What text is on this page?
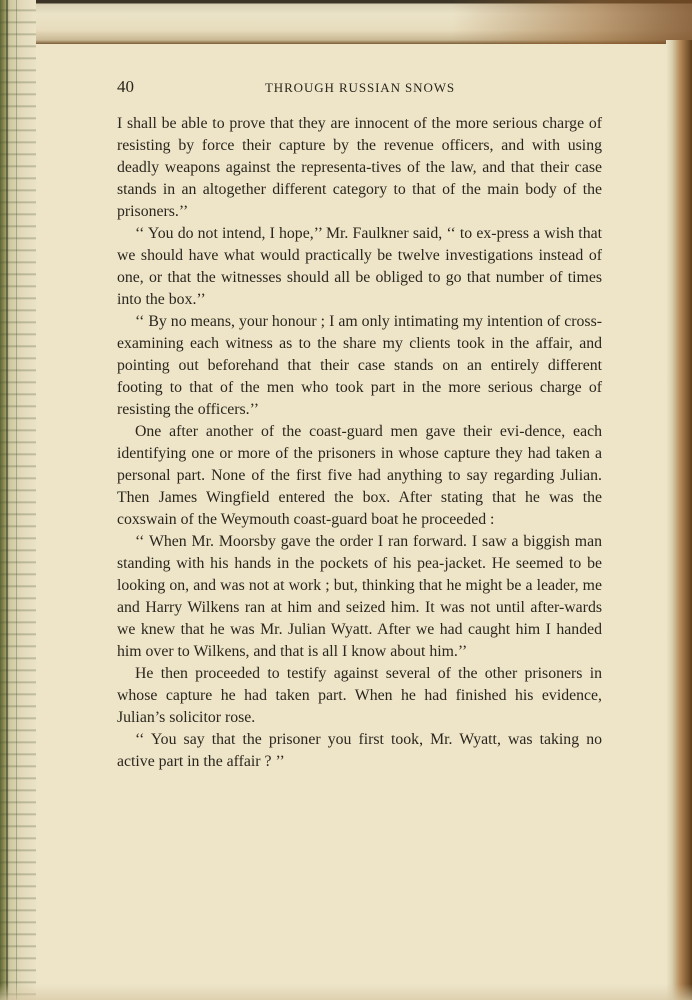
40	THROUGH RUSSIAN SNOWS

I shall be able to prove that they are innocent of the more serious charge of resisting by force their capture by the revenue officers, and with using deadly weapons against the representa-tives of the law, and that their case stands in an altogether different category to that of the main body of the prisoners.’’

‘‘ You do not intend, I hope,’’ Mr. Faulkner said, ‘‘ to ex-press a wish that we should have what would practically be twelve investigations instead of one, or that the witnesses should all be obliged to go that number of times into the box.’’

‘‘ By no means, your honour ; I am only intimating my intention of cross-examining each witness as to the share my clients took in the affair, and pointing out beforehand that their case stands on an entirely different footing to that of the men who took part in the more serious charge of resisting the officers.’’

One after another of the coast-guard men gave their evi-dence, each identifying one or more of the prisoners in whose capture they had taken a personal part. None of the first five had anything to say regarding Julian. Then James Wingfield entered the box. After stating that he was the coxswain of the Weymouth coast-guard boat he proceeded :

‘‘ When Mr. Moorsby gave the order I ran forward. I saw a biggish man standing with his hands in the pockets of his pea-jacket. He seemed to be looking on, and was not at work ; but, thinking that he might be a leader, me and Harry Wilkens ran at him and seized him. It was not until after-wards we knew that he was Mr. Julian Wyatt. After we had caught him I handed him over to Wilkens, and that is all I know about him.’’

He then proceeded to testify against several of the other prisoners in whose capture he had taken part. When he had finished his evidence, Julian’s solicitor rose.

‘‘ You say that the prisoner you first took, Mr. Wyatt, was taking no active part in the affair ? ’’
